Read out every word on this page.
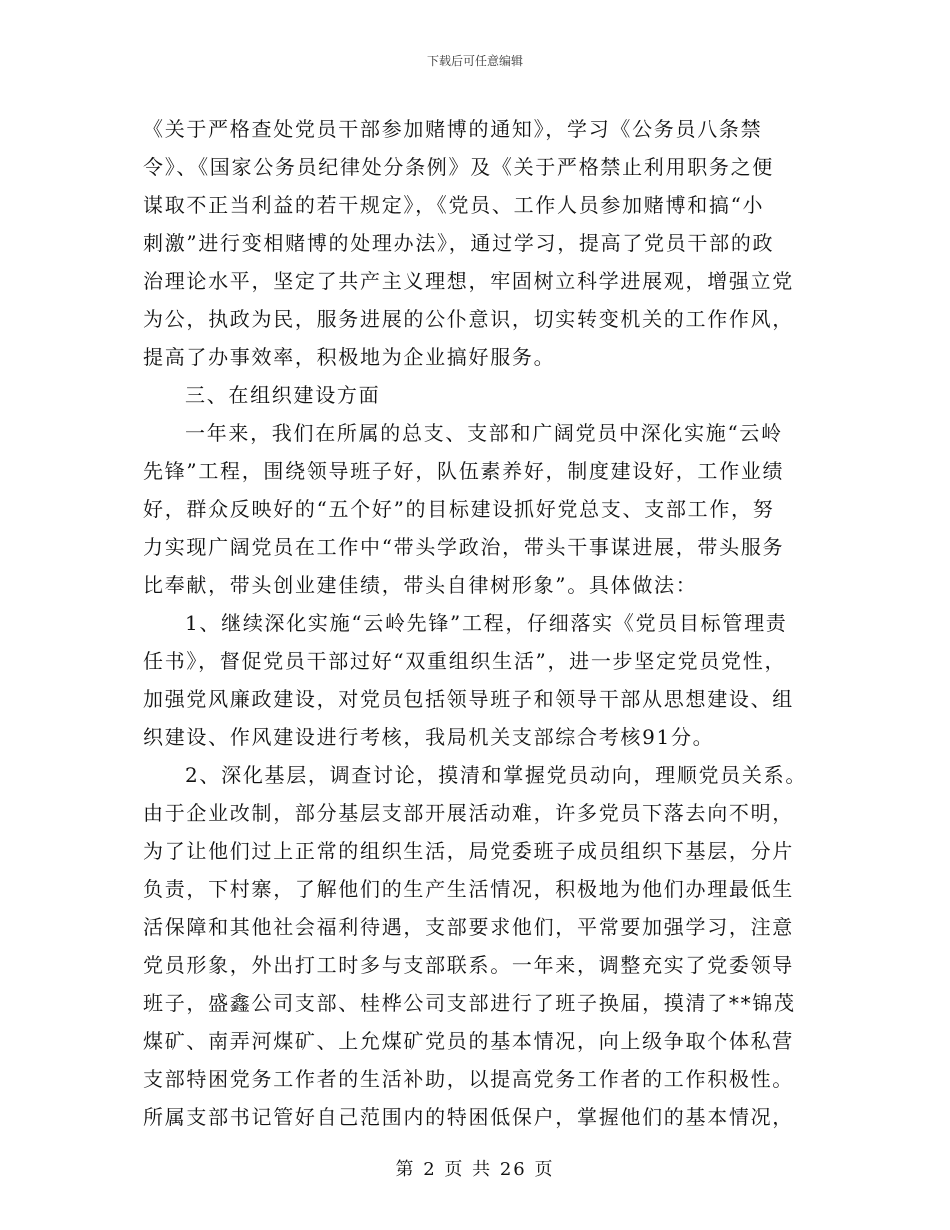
下载后可任意编辑
《关于严格查处党员干部参加赌博的通知》，学习《公务员八条禁
令》、《国家公务员纪律处分条例》及《关于严格禁止利用职务之便
谋取不正当利益的若干规定》，《党员、工作人员参加赌博和搞“小
刺激”进行变相赌博的处理办法》，通过学习，提高了党员干部的政
治理论水平，坚定了共产主义理想，牢固树立科学进展观，增强立党
为公，执政为民，服务进展的公仆意识，切实转变机关的工作作风，
提高了办事效率，积极地为企业搞好服务。
三、在组织建设方面
一年来，我们在所属的总支、支部和广阔党员中深化实施“云岭
先锋”工程，围绕领导班子好，队伍素养好，制度建设好，工作业绩
好，群众反映好的“五个好”的目标建设抓好党总支、支部工作，努
力实现广阔党员在工作中“带头学政治，带头干事谋进展，带头服务
比奉献，带头创业建佳绩，带头自律树形象”。具体做法：
1、继续深化实施“云岭先锋”工程，仔细落实《党员目标管理责
任书》，督促党员干部过好“双重组织生活”，进一步坚定党员党性，
加强党风廉政建设，对党员包括领导班子和领导干部从思想建设、组
织建设、作风建设进行考核，我局机关支部综合考核91分。
2、深化基层，调查讨论，摸清和掌握党员动向，理顺党员关系。
由于企业改制，部分基层支部开展活动难，许多党员下落去向不明，
为了让他们过上正常的组织生活，局党委班子成员组织下基层，分片
负责，下村寨，了解他们的生产生活情况，积极地为他们办理最低生
活保障和其他社会福利待遇，支部要求他们，平常要加强学习，注意
党员形象，外出打工时多与支部联系。一年来，调整充实了党委领导
班子，盛鑫公司支部、桂桦公司支部进行了班子换届，摸清了**锦茂
煤矿、南弄河煤矿、上允煤矿党员的基本情况，向上级争取个体私营
支部特困党务工作者的生活补助，以提高党务工作者的工作积极性。
所属支部书记管好自己范围内的特困低保户，掌握他们的基本情况，
第 2 页 共 26 页
